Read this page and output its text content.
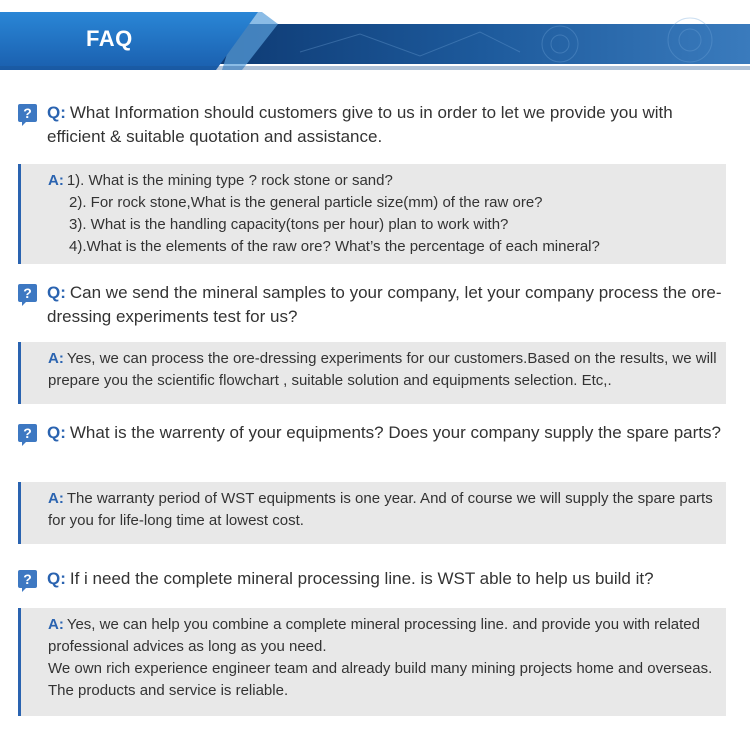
FAQ
? Q: What Information should customers give to us in order to let we provide you with efficient & suitable quotation and assistance.
A: 1). What is the mining type ? rock stone or sand?
2). For rock stone,What is the general particle size(mm) of the raw ore?
3). What is the handling capacity(tons per hour) plan to work with?
4).What is the elements of the raw ore? What’s the percentage of each mineral?
? Q: Can we send the mineral samples to your company, let your company process the ore-dressing experiments test for us?
A: Yes, we can process the ore-dressing experiments for our customers.Based on the results, we will prepare you the scientific flowchart , suitable solution and equipments selection. Etc,.
? Q: What is the warrenty of your equipments? Does your company supply the spare parts?
A: The warranty period of WST equipments is one year. And of course we will supply the spare parts for you for life-long time at lowest cost.
? Q: If i need the complete mineral processing line. is WST able to help us build it?
A: Yes, we can help you combine a complete mineral processing line. and provide you with related professional advices as long as you need.
We own rich experience engineer team and already build many mining projects home and overseas. The products and service is reliable.
